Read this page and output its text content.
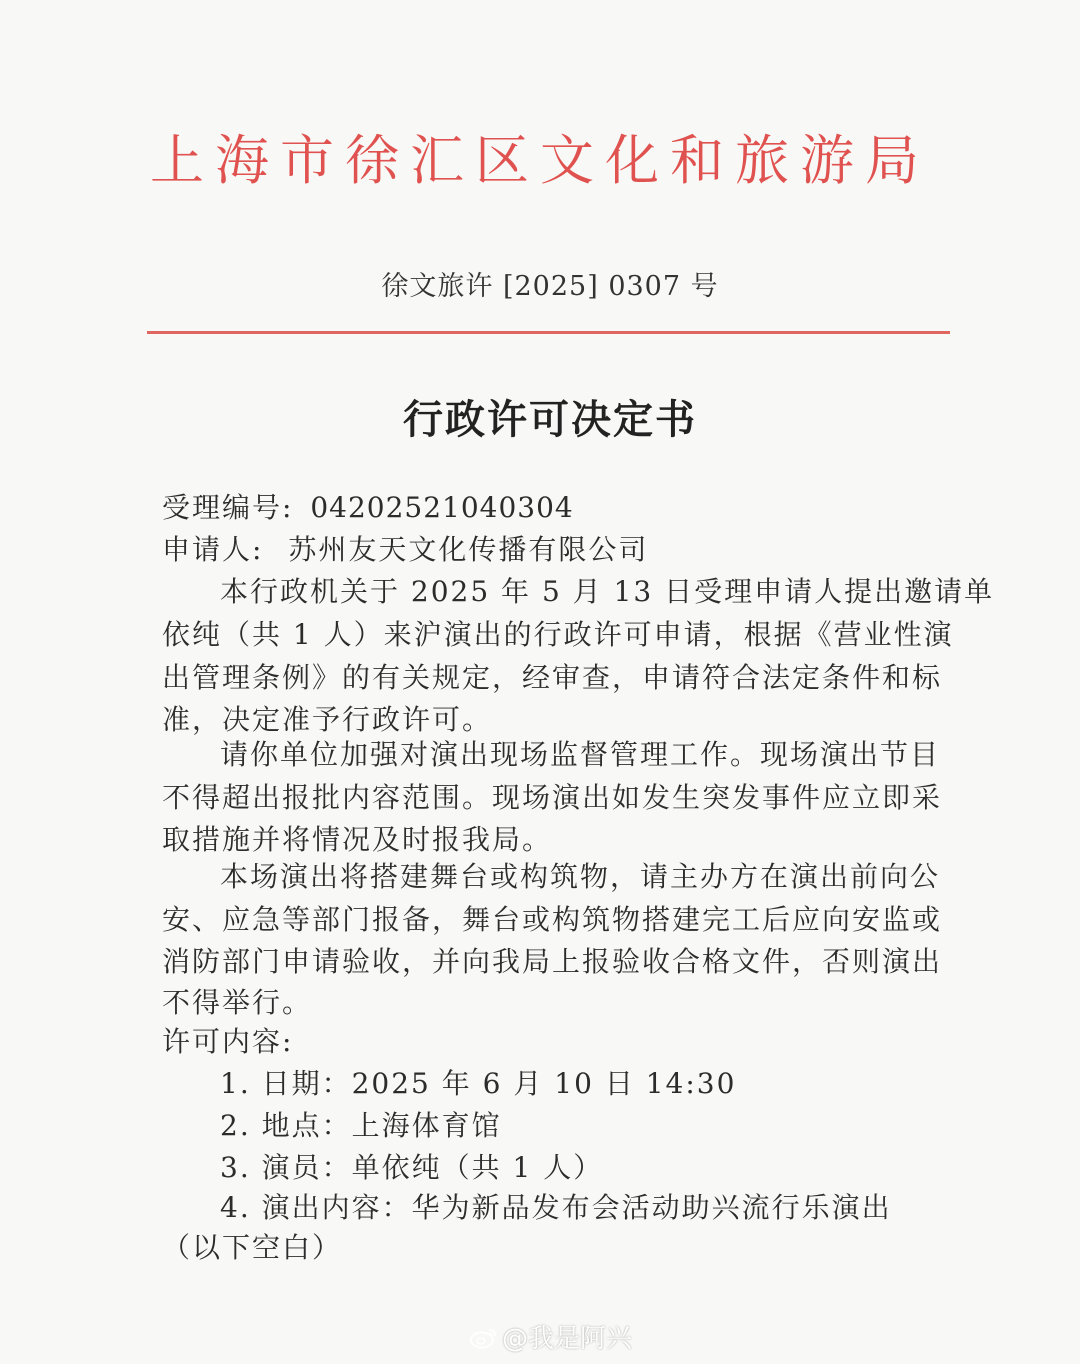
上海市徐汇区文化和旅游局
徐文旅许 [2025] 0307 号
行政许可决定书
受理编号: 04202521040304
申请人: 苏州友天文化传播有限公司
本行政机关于 2025 年 5 月 13 日受理申请人提出邀请单
依纯（共 1 人）来沪演出的行政许可申请，根据《营业性演
出管理条例》的有关规定，经审查，申请符合法定条件和标
准，决定准予行政许可。
请你单位加强对演出现场监督管理工作。现场演出节目
不得超出报批内容范围。现场演出如发生突发事件应立即采
取措施并将情况及时报我局。
本场演出将搭建舞台或构筑物，请主办方在演出前向公
安、应急等部门报备，舞台或构筑物搭建完工后应向安监或
消防部门申请验收，并向我局上报验收合格文件，否则演出
不得举行。
许可内容:
1. 日期：2025 年 6 月 10 日 14:30
2. 地点：上海体育馆
3. 演员：单依纯（共 1 人）
4. 演出内容：华为新品发布会活动助兴流行乐演出
（以下空白）
@我是阿兴
